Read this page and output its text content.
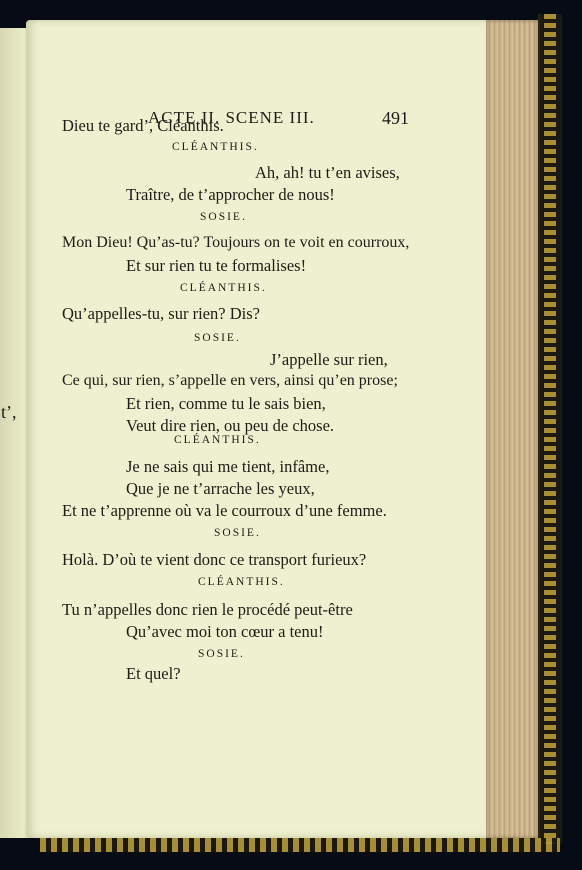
t’,
ACTE II. SCENE III.	491
Dieu te gard’, Cléanthis.
CLÉANTHIS.
Ah, ah! tu t’en avises,
Traître, de t’approcher de nous!
SOSIE.
Mon Dieu! Qu’as-tu? Toujours on te voit en courroux,
Et sur rien tu te formalises!
CLÉANTHIS.
Qu’appelles-tu, sur rien? Dis?
SOSIE.
J’appelle sur rien,
Ce qui, sur rien, s’appelle en vers, ainsi qu’en prose;
Et rien, comme tu le sais bien,
Veut dire rien, ou peu de chose.
CLÉANTHIS.
Je ne sais qui me tient, infâme,
Que je ne t’arrache les yeux,
Et ne t’apprenne où va le courroux d’une femme.
SOSIE.
Holà. D’où te vient donc ce transport furieux?
CLÉANTHIS.
Tu n’appelles donc rien le procédé peut-être
Qu’avec moi ton cœur a tenu!
SOSIE.
Et quel?
